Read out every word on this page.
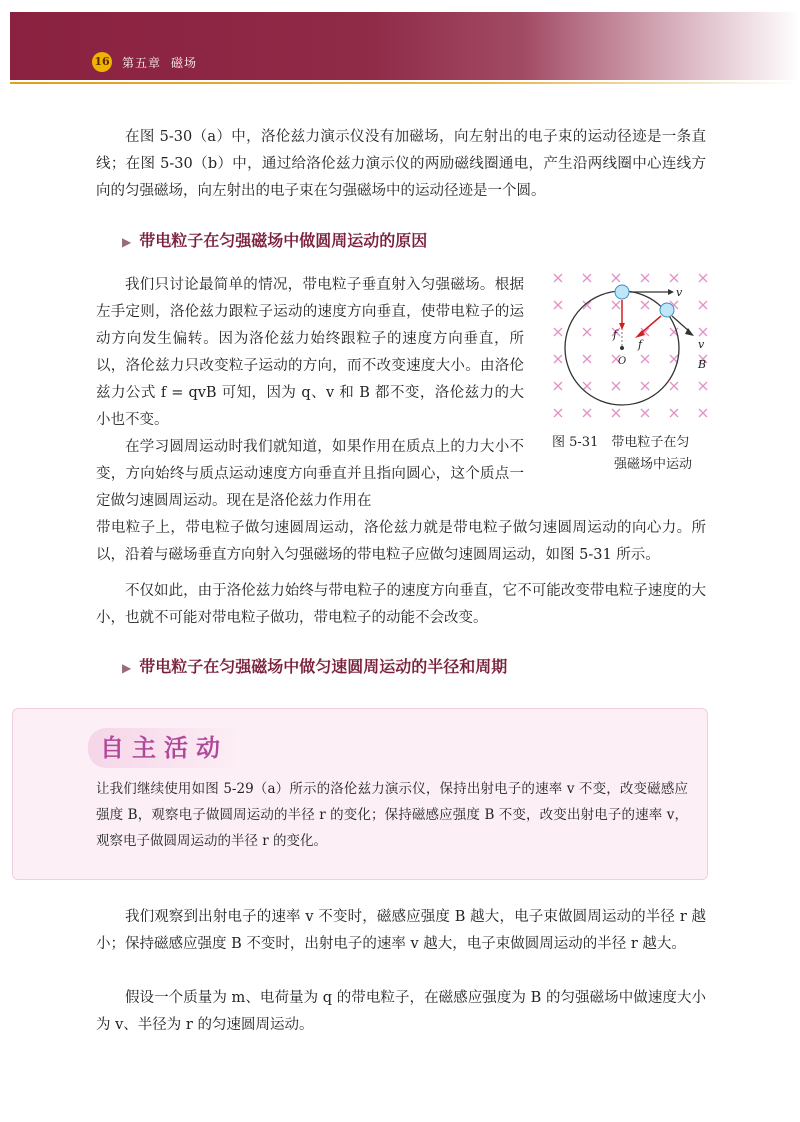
16 第五章 磁场

在图 5-30（a）中，洛伦兹力演示仪没有加磁场，向左射出的电子束的运动径迹是一条直线；在图 5-30（b）中，通过给洛伦兹力演示仪的两励磁线圈通电，产生沿两线圈中心连线方向的匀强磁场，向左射出的电子束在匀强磁场中的运动径迹是一个圆。

▶ 带电粒子在匀强磁场中做圆周运动的原因

我们只讨论最简单的情况，带电粒子垂直射入匀强磁场。根据左手定则，洛伦兹力跟粒子运动的速度方向垂直，使带电粒子的运动方向发生偏转。因为洛伦兹力始终跟粒子的速度方向垂直，所以，洛伦兹力只改变粒子运动的方向，而不改变速度大小。由洛伦兹力公式 f = qvB 可知，因为 q、v 和 B 都不变，洛伦兹力的大小也不变。

在学习圆周运动时我们就知道，如果作用在质点上的力大小不变，方向始终与质点运动速度方向垂直并且指向圆心，这个质点一定做匀速圆周运动。现在是洛伦兹力作用在

带电粒子上，带电粒子做匀速圆周运动，洛伦兹力就是带电粒子做匀速圆周运动的向心力。所以，沿着与磁场垂直方向射入匀强磁场的带电粒子应做匀速圆周运动，如图 5-31 所示。

不仅如此，由于洛伦兹力始终与带电粒子的速度方向垂直，它不可能改变带电粒子速度的大小，也就不可能对带电粒子做功，带电粒子的动能不会改变。

v
v
f
f
O	B
图 5-31　带电粒子在匀
强磁场中运动
▶ 带电粒子在匀强磁场中做匀速圆周运动的半径和周期
自主活动

让我们继续使用如图 5-29（a）所示的洛伦兹力演示仪，保持出射电子的速率 v 不变，改变磁感应强度 B，观察电子做圆周运动的半径 r 的变化；保持磁感应强度 B 不变，改变出射电子的速率 v，观察电子做圆周运动的半径 r 的变化。

我们观察到出射电子的速率 v 不变时，磁感应强度 B 越大，电子束做圆周运动的半径 r 越小；保持磁感应强度 B 不变时，出射电子的速率 v 越大，电子束做圆周运动的半径 r 越大。

假设一个质量为 m、电荷量为 q 的带电粒子，在磁感应强度为 B 的匀强磁场中做速度大小为 v、半径为 r 的匀速圆周运动。
